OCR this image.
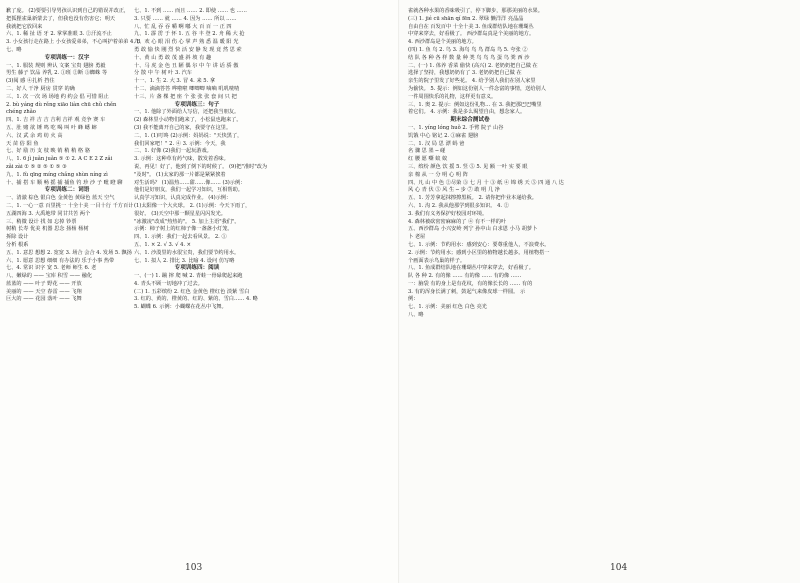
歉了庞。 (2)要要引导男孩认识到自己的错误并改正，
把狐狸雀巢新蒙去了，但我也没有伤害它；明天
我就把它放回来
六、1. 稀 扯 语 牙 2. 掌掌准眼 3. ②汗流不止
3. 小女孩行走在路上 小女孩爱弟弟，不心叫护着弟弟 4. B
七、略
专项训练一：汉字
一、1. 服装 规则 辨认 文案 宝贵 翅膀 勇毅
男生 藤子 饮品 养乳 2. ①班 ②断 ③蜘蛛 等
(3)阅 感 ④扎析 挡住
二、好人 干净 厨房 贯穿 的确
三、1. 次 一次 场 场地 约 约会 倡 可惜 阻止
2. bù yáng dù rěng xiāo liàn chū chǔ chěn
chéng zhǎo
四、1. 吉 祥 吉 吉 吉利 吉祥 观 竞争 赛 车
五、肚 赌 欲 锤 鸣 吃 喝 叫 叶 蜂 蟋 蟀
六、汉 武 余 鸡 纺 火 高
天 苗 俗 阳 鱼
七、好 励 历 支 枝 映 销 稍 稍 格 骆
八、1. 6 jì juǎn juǎn ⑤ ① 2. A C E 2 Z zǎi
zǎi zài ① ⑤ ② ⑤ ① ⑤ ③
九、1. fù qīng míng chǎng shùn níng zì
十、捕 搭 车 顺 畅 摇 捕 捕鱼 钓 珍 沙 子 毗 瞪 聊
专项训练二：词语
一、清澈 棕色 银白色 金黄色 黄绿色 蓝天 空气
二、1. 一心一意 百里挑一 十全十美 一目十行 千方百计
五湖四海 3. 大禹地带 同甘共苦 两个
三、稍微 设计 找 如 忘掉 钞票
树稍 长寿 优美 机器 思念 扬杨 杨树
拆除 设计
分析 根系
五、1. 意思 想想 2. 宽宽 3. 场合 会合 4. 发场 5. 飘扬
六、1. 愿意 思想 细细 有办法的 乐于小事 热带
七、4. 常识 识字 宽 5. 老师 师生 6. 老
八、嫩绿的 —— 宝库 积雪 —— 融化
蓝蓝的 —— 叶子 野花 —— 开放
美丽的 —— 天空 春雷 —— 飞翔
巨大的 —— 花园 落叶 —— 飞舞
七、1. 不到 …… 而且 …… 2. 即使 …… 也 ……
3. 只要 …… 就 …… 4. 因为 …… 所以 ……
八、忙 乱 吞 吞 嚼 啊 嘟 大 百 百 一 正 四
九、1. 霹 雳 于 怀 1. 五 谷 丰 登 2. 舟 稀 大 抢
九、欢 心 眼 泪 伤 心 掌 声 熟 悉 温 暖 阳 光
勇 敢 愉 快 刚 烈 快 活 安 静 发 现 竟 然 思 索
十、黄 山 勇 敢 茂 盛 斜 坡 有 趣
十、马 虎 金 色 丑 陋 偶 尔 中 午 讲 话 骄 傲
分 散 中 午 树 叶 3. 汽车
十一、1. 生 2. 大 3. 冒 4. 来 5. 拿
十二、滴滴答答 哗啦啦 唧唧唧 嘀嘀 叽叽喳喳
十三、片 盏 棵 把 座 个 张 张 张 套 间 只 把
专项训练三：句子
一、1. 他除了外面给人写信，还把我当朋友。
(2) 森林里小动物们跑来了，小松鼠也跑来了。
(3) 我不能离开自己的家，我要守在这里。
二、1. (1)叮咚 (2)示例：妈妈说："天快黑了，
我们回家吧！" 2. ④ 3. 示例：今天，我
二、1. 好像 (2)我们一起玩游戏。
3. 示例：这种草有药气味，散发着香味。
说，再见！好了，他到了倒下的时候了。 (9)把"准时"改为
"及时"。 (1)太家的那一片都是紧紧挨着
对生活吗？ (1)温热……甜……像…… (3)示例：
他们是好朋友，我们一起学习知识，互相帮助。
认真学习知识，认真完成作业。 (4)示例：
(1)太阳像一个大火球。 2. (1)示例：今天下雨了，
很好。 (3)天空中那一颗星星闪闪发光。
"冰激凌"改成"热热的"。 5. 加上主语"我们"。
示例：柿子树上的红柿子像一盏盏小灯笼。
四、1. 示例：我们一起去看风景。 2. ①
五、1. × 2. √ 3. √ 4. ×
六、1. 沙漠里的水很宝贵，我们要节约用水。
七、1. 拟人 2. 排比 3. 比喻 4. 设问 仿写略
专项训练四：阅读
一、(一) 1. 蹦 摔 爬 喊 2. 青蛙一骨碌爬起来跑
4. 青头不顾一切地冲了过去。
(二) 1. 五彩缤纷 2. 红色 金黄色 橙红色 淡紫 雪白
3. 红的、黄的、橙黄的、红的、紫的、雪白…… 4. 略
5. 蝴蝶 6. 示例：小蝴蝶在花丛中飞舞。
103
雀就各种水果的香味吸引了，停下脚步，那那美丽的水果。
(三) 1. jié cū shān qí fēn 2. 翠绿 懒洋洋 亮晶晶
自由自在 百发百中 十全十美 3. 鱼成群结队地在珊瑚丛
中穿来穿去，好看极了。 西沙群岛真是个美丽的地方。
4. 西沙群岛是个美丽的地方。
(四) 1. 鱼 鸟 2. 鸟 3. 海鸟 鸟 鸟 群岛 鸟 5. 夸张 ②
结 队 各 种 各 样 数 量 种 类 鸟 鸟 鸟 蛋 鸟 粪 西 沙
二、(一) 1. 体养 香菜 偷快 (高兴) 2. 老奶奶把自己做 在
选择了坚持，我想奶奶有了 3. 老奶奶把自己做 在
亲生的院子里发了好些花。 4. 给予别人我们在别人家里
为偷快。 5. 提示：例如这份别人一件念富的事情，送给别人
一件周围快乐的礼物，这样更有意义。
三、1. 奥 2. 提示：例如这份礼物… 在 3. 我把那巴巴嘴里
着它们。 4. 示例：我是多么渴望自由，想念家人。
期末综合测试卷
一、1. yíng lóng huǒ 2. 手臂 院子 山谷
饥饿 中心 铭记 2. ①麻雀 翅膀
二、1. 汉 局 思 漂 蚂 爸
名 骤 思 墨 ─ 碰
红 腰 愿 嘶 蚁 蚁
三、缤纷 颜色 饮 摇 5. 竖 ⑤ 5. 见 额 一叶 实 要 眼
亲 棉 从 一 分 明 心 明 阵
四、凡 山 中 色 ②尽染 ③ 七 月 十 ③ 纸 ④ 锦 绣 天 ⑤ 四 通 八 达
风 心 青 伏 ⑤ 风 生 ─ 步 ⑦ 敢 明 几 净
五、1. 芳芳拿起抹擦擦黑板。 2. 请你把作业本递给我。
六、1. 沟 2. 我从他那学到很多知识。 4. ②
3. 我们有义务保护好校园对环境。
4. 森林被砍密密麻麻的了 ④ 有不一样的叶
五、西沙群岛 小兴安岭 列宁 孙中山 白求恩 小马 胡萝卜
卜 老屋
七、1. 示例：节约用水：感到安心：要尊重他人，不浪费水。
2. 示例：节约用水；感到小区里的植物越长越多。用植物搭一
个画面表示鸟巢的样子。
八、1. 鱼成群结队地在珊瑚丛中穿来穿去，好看极了。
队 各 种 2. 有的像 …… 有的像 …… 有的像 ……
一：脑袋 有的身上是有花纹，有的像长长的 …… 有的
3. 有的浑身长满了刺，鼓起气来像皮球一样圆。 示
例：
七、1. 示例：美丽 红色 白色 亮光
八、略
104
